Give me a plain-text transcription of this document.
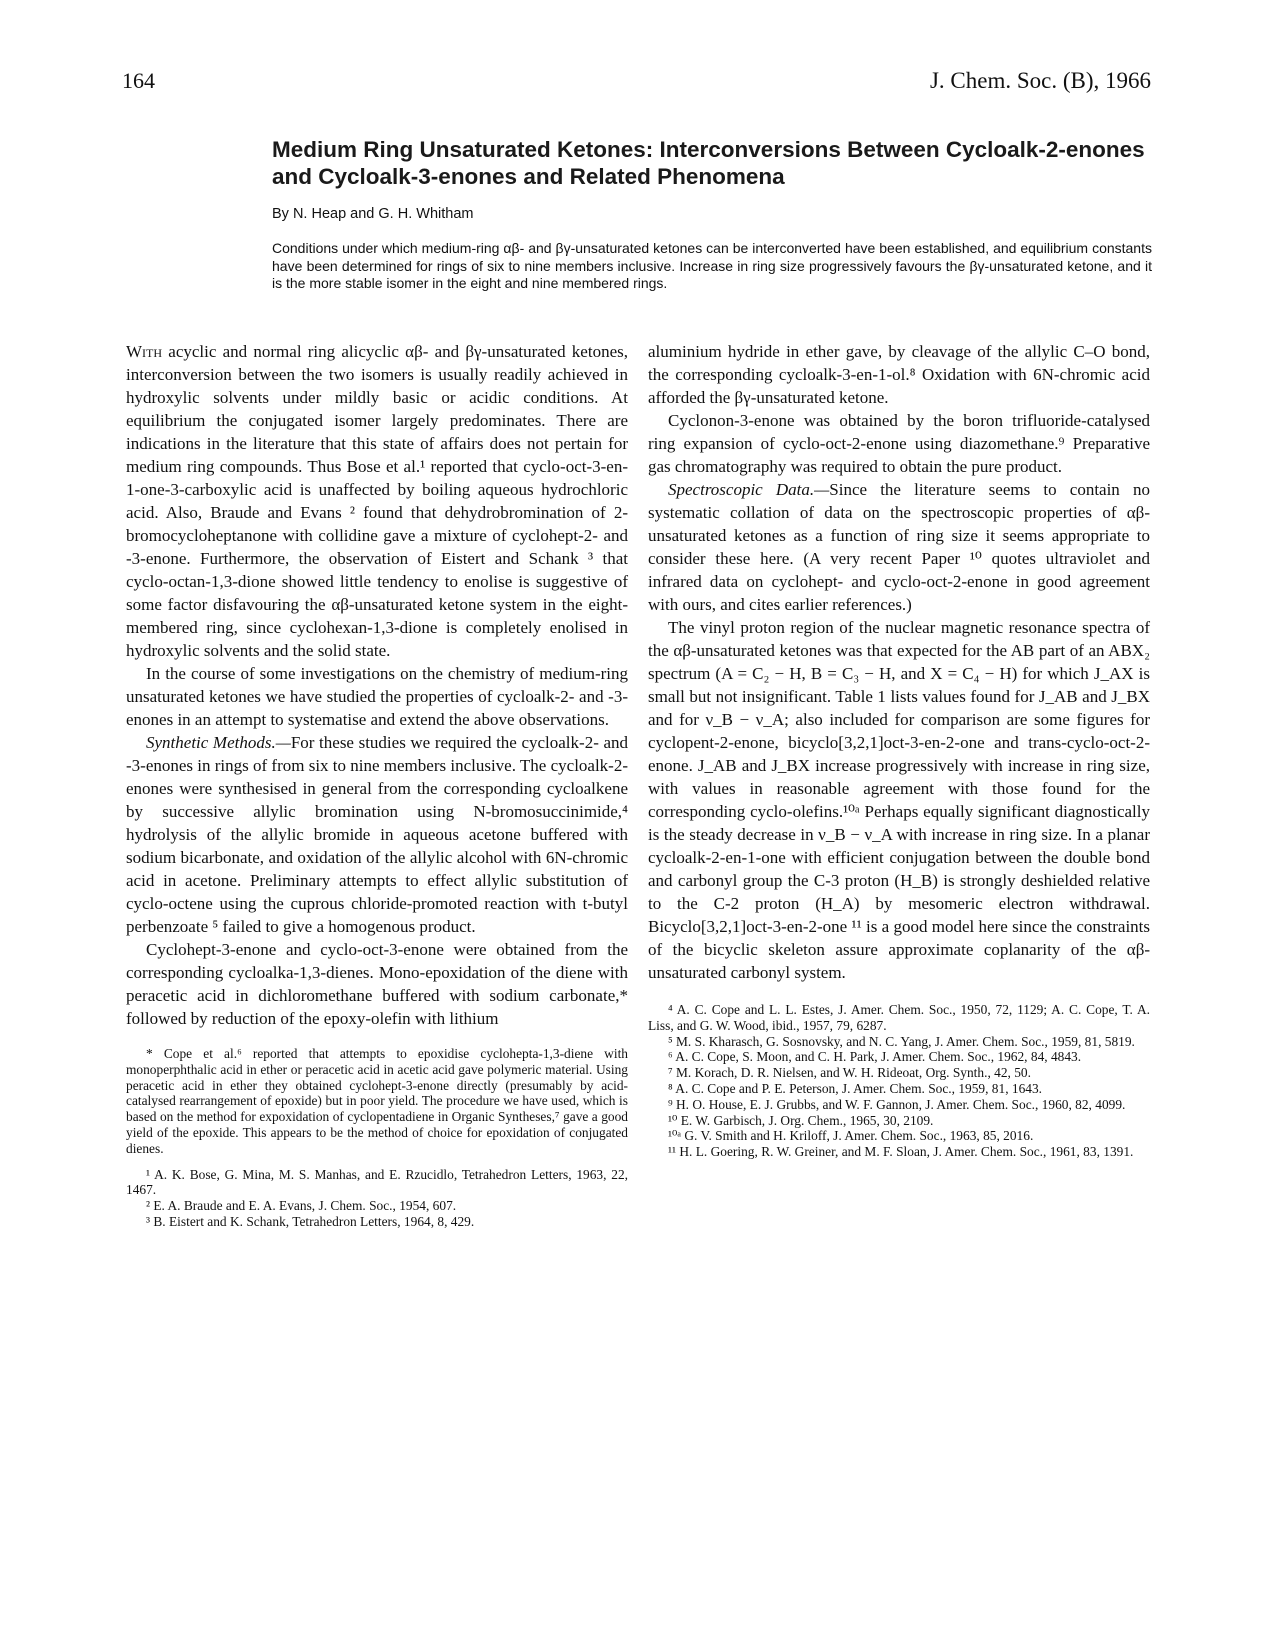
164	J. Chem. Soc. (B), 1966
Medium Ring Unsaturated Ketones: Interconversions Between Cycloalk-2-enones and Cycloalk-3-enones and Related Phenomena
By N. Heap and G. H. Whitham
Conditions under which medium-ring αβ- and βγ-unsaturated ketones can be interconverted have been established, and equilibrium constants have been determined for rings of six to nine members inclusive. Increase in ring size progressively favours the βγ-unsaturated ketone, and it is the more stable isomer in the eight and nine membered rings.

With acyclic and normal ring alicyclic αβ- and βγ-unsaturated ketones, interconversion between the two isomers is usually readily achieved in hydroxylic solvents under mildly basic or acidic conditions. At equilibrium the conjugated isomer largely predominates. There are indications in the literature that this state of affairs does not pertain for medium ring compounds. Thus Bose et al.¹ reported that cyclo-oct-3-en-1-one-3-carboxylic acid is unaffected by boiling aqueous hydrochloric acid. Also, Braude and Evans ² found that dehydrobromination of 2-bromocycloheptanone with collidine gave a mixture of cyclohept-2- and -3-enone. Furthermore, the observation of Eistert and Schank ³ that cyclo-octan-1,3-dione showed little tendency to enolise is suggestive of some factor disfavouring the αβ-unsaturated ketone system in the eight-membered ring, since cyclohexan-1,3-dione is completely enolised in hydroxylic solvents and the solid state.

In the course of some investigations on the chemistry of medium-ring unsaturated ketones we have studied the properties of cycloalk-2- and -3-enones in an attempt to systematise and extend the above observations.

Synthetic Methods.—For these studies we required the cycloalk-2- and -3-enones in rings of from six to nine members inclusive. The cycloalk-2-enones were synthesised in general from the corresponding cycloalkene by successive allylic bromination using N-bromosuccinimide,⁴ hydrolysis of the allylic bromide in aqueous acetone buffered with sodium bicarbonate, and oxidation of the allylic alcohol with 6N-chromic acid in acetone. Preliminary attempts to effect allylic substitution of cyclo-octene using the cuprous chloride-promoted reaction with t-butyl perbenzoate ⁵ failed to give a homogenous product.

Cyclohept-3-enone and cyclo-oct-3-enone were obtained from the corresponding cycloalka-1,3-dienes. Mono-epoxidation of the diene with peracetic acid in dichloromethane buffered with sodium carbonate,* followed by reduction of the epoxy-olefin with lithium

* Cope et al.⁶ reported that attempts to epoxidise cyclohepta-1,3-diene with monoperphthalic acid in ether or peracetic acid in acetic acid gave polymeric material. Using peracetic acid in ether they obtained cyclohept-3-enone directly (presumably by acid-catalysed rearrangement of epoxide) but in poor yield. The procedure we have used, which is based on the method for expoxidation of cyclopentadiene in Organic Syntheses,⁷ gave a good yield of the epoxide. This appears to be the method of choice for epoxidation of conjugated dienes.

¹ A. K. Bose, G. Mina, M. S. Manhas, and E. Rzucidlo, Tetrahedron Letters, 1963, 22, 1467.

² E. A. Braude and E. A. Evans, J. Chem. Soc., 1954, 607.

³ B. Eistert and K. Schank, Tetrahedron Letters, 1964, 8, 429.

aluminium hydride in ether gave, by cleavage of the allylic C–O bond, the corresponding cycloalk-3-en-1-ol.⁸ Oxidation with 6N-chromic acid afforded the βγ-unsaturated ketone.

Cyclonon-3-enone was obtained by the boron trifluoride-catalysed ring expansion of cyclo-oct-2-enone using diazomethane.⁹ Preparative gas chromatography was required to obtain the pure product.

Spectroscopic Data.—Since the literature seems to contain no systematic collation of data on the spectroscopic properties of αβ-unsaturated ketones as a function of ring size it seems appropriate to consider these here. (A very recent Paper ¹⁰ quotes ultraviolet and infrared data on cyclohept- and cyclo-oct-2-enone in good agreement with ours, and cites earlier references.)

The vinyl proton region of the nuclear magnetic resonance spectra of the αβ-unsaturated ketones was that expected for the AB part of an ABX₂ spectrum (A = C₂ − H, B = C₃ − H, and X = C₄ − H) for which J_AX is small but not insignificant. Table 1 lists values found for J_AB and J_BX and for ν_B − ν_A; also included for comparison are some figures for cyclopent-2-enone, bicyclo[3,2,1]oct-3-en-2-one and trans-cyclo-oct-2-enone. J_AB and J_BX increase progressively with increase in ring size, with values in reasonable agreement with those found for the corresponding cyclo-olefins.¹⁰ᵃ Perhaps equally significant diagnostically is the steady decrease in ν_B − ν_A with increase in ring size. In a planar cycloalk-2-en-1-one with efficient conjugation between the double bond and carbonyl group the C-3 proton (H_B) is strongly deshielded relative to the C-2 proton (H_A) by mesomeric electron withdrawal. Bicyclo[3,2,1]oct-3-en-2-one ¹¹ is a good model here since the constraints of the bicyclic skeleton assure approximate coplanarity of the αβ-unsaturated carbonyl system.

⁴ A. C. Cope and L. L. Estes, J. Amer. Chem. Soc., 1950, 72, 1129; A. C. Cope, T. A. Liss, and G. W. Wood, ibid., 1957, 79, 6287.

⁵ M. S. Kharasch, G. Sosnovsky, and N. C. Yang, J. Amer. Chem. Soc., 1959, 81, 5819.

⁶ A. C. Cope, S. Moon, and C. H. Park, J. Amer. Chem. Soc., 1962, 84, 4843.

⁷ M. Korach, D. R. Nielsen, and W. H. Rideoat, Org. Synth., 42, 50.

⁸ A. C. Cope and P. E. Peterson, J. Amer. Chem. Soc., 1959, 81, 1643.

⁹ H. O. House, E. J. Grubbs, and W. F. Gannon, J. Amer. Chem. Soc., 1960, 82, 4099.

¹⁰ E. W. Garbisch, J. Org. Chem., 1965, 30, 2109.

¹⁰ᵃ G. V. Smith and H. Kriloff, J. Amer. Chem. Soc., 1963, 85, 2016.

¹¹ H. L. Goering, R. W. Greiner, and M. F. Sloan, J. Amer. Chem. Soc., 1961, 83, 1391.
